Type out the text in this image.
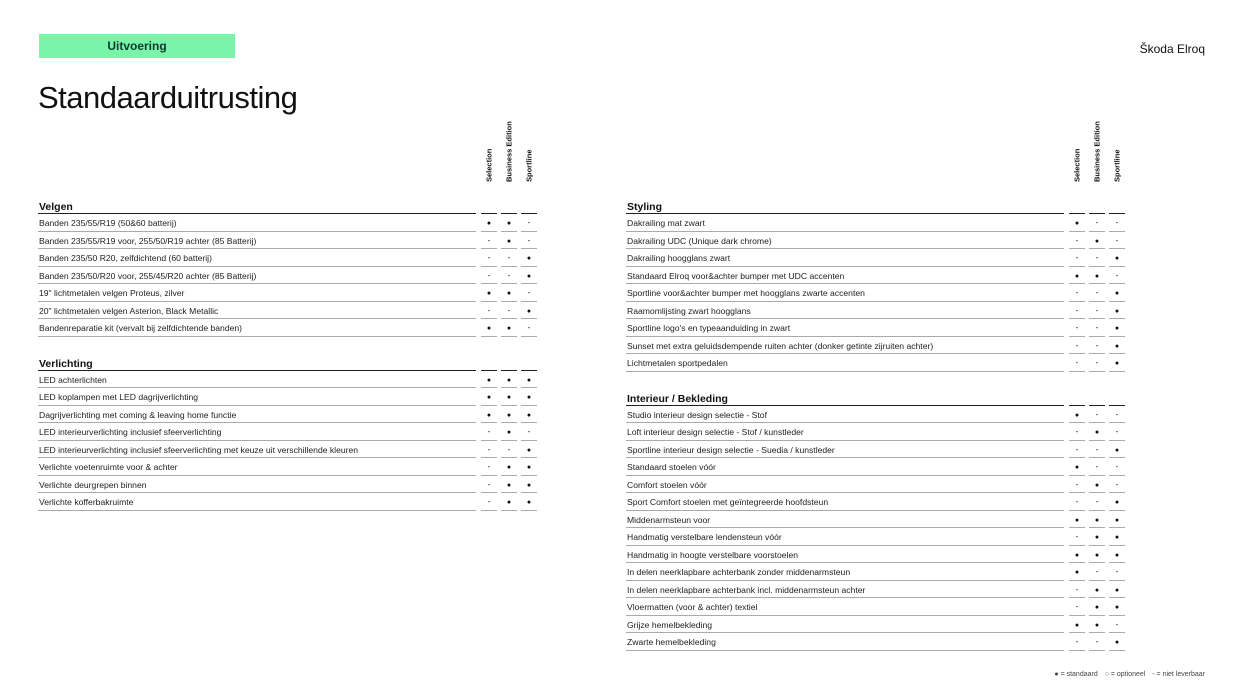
Uitvoering	Škoda Elroq
Standaarduitrusting
Selection Business Edition Sportline
Velgen
Banden 235/55/R19 (50&60 batterij)	●	●	-
Banden 235/55/R19 voor, 255/50/R19 achter (85 Batterij)	-	●	-
Banden 235/50 R20, zelfdichtend (60 batterij)	-	-	●
Banden 235/50/R20 voor, 255/45/R20 achter (85 Batterij)	-	-	●
19" lichtmetalen velgen Proteus, zilver	●	●	-
20" lichtmetalen velgen Asterion, Black Metallic	-	-	●
Bandenreparatie kit (vervalt bij zelfdichtende banden)	●	●	-
Verlichting
LED achterlichten	●	●	●
LED koplampen met LED dagrijverlichting	●	●	●
Dagrijverlichting met coming & leaving home functie	●	●	●
LED interieurverlichting inclusief sfeerverlichting	-	●	-
LED interieurverlichting inclusief sfeerverlichting met keuze uit verschillende kleuren	-	-	●
Verlichte voetenruimte voor & achter	-	●	●
Verlichte deurgrepen binnen	-	●	●
Verlichte kofferbakruimte	-	●	●
Selection Business Edition Sportline
Styling
Dakrailing mat zwart	●	-	-
Dakrailing UDC (Unique dark chrome)	-	●	-
Dakrailing hoogglans zwart	-	-	●
Standaard Elroq voor&achter bumper met UDC accenten	●	●	-
Sportline voor&achter bumper met hoogglans zwarte accenten	-	-	●
Raamomlijsting zwart hoogglans	-	-	●
Sportline logo's en typeaanduiding in zwart	-	-	●
Sunset met extra geluidsdempende ruiten achter (donker getinte zijruiten achter)	-	-	●
Lichtmetalen sportpedalen	-	-	●
Interieur / Bekleding
Studio interieur design selectie - Stof	●	-	-
Loft interieur design selectie - Stof / kunstleder	-	●	-
Sportline interieur design selectie - Suedia / kunstleder	-	-	●
Standaard stoelen vóór	●	-	-
Comfort stoelen vóór	-	●	-
Sport Comfort stoelen met geïntegreerde hoofdsteun	-	-	●
Middenarmsteun voor	●	●	●
Handmatig verstelbare lendensteun vóór	-	●	●
Handmatig in hoogte verstelbare voorstoelen	●	●	●
In delen neerklapbare achterbank zonder middenarmsteun	●	-	-
In delen neerklapbare achterbank incl. middenarmsteun achter	-	●	●
Vloermatten (voor & achter) textiel	-	●	●
Grijze hemelbekleding	●	●	-
Zwarte hemelbekleding	-	-	●
● = standaard ○ = optioneel - = niet leverbaar
